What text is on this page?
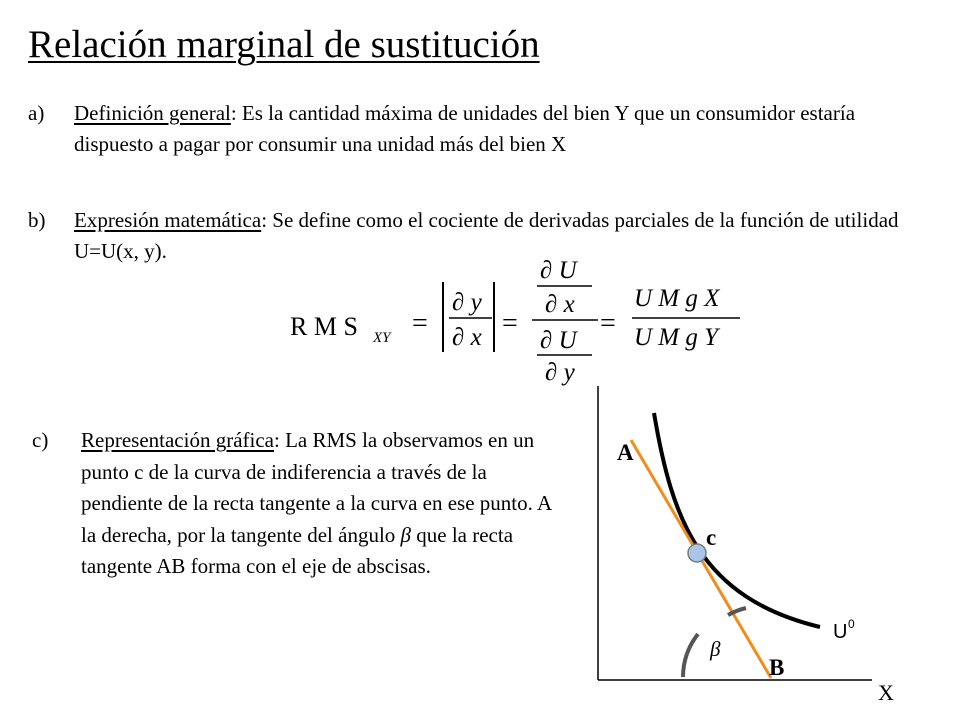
Relación marginal de sustitución
a) Definición general: Es la cantidad máxima de unidades del bien Y que un consumidor estaría dispuesto a pagar por consumir una unidad más del bien X
b) Expresión matemática: Se define como el cociente de derivadas parciales de la función de utilidad U=U(x, y).
R M S XY =
∂ y
∂ x =
∂ U
∂ x
∂ U
∂ y
=
U M g X
U M g Y
c) Representación gráfica: La RMS la observamos en un punto c de la curva de indiferencia a través de la pendiente de la recta tangente a la curva en ese punto. A la derecha, por la tangente del ángulo β que la recta tangente AB forma con el eje de abscisas.
X
U 0
A
c
B
β
